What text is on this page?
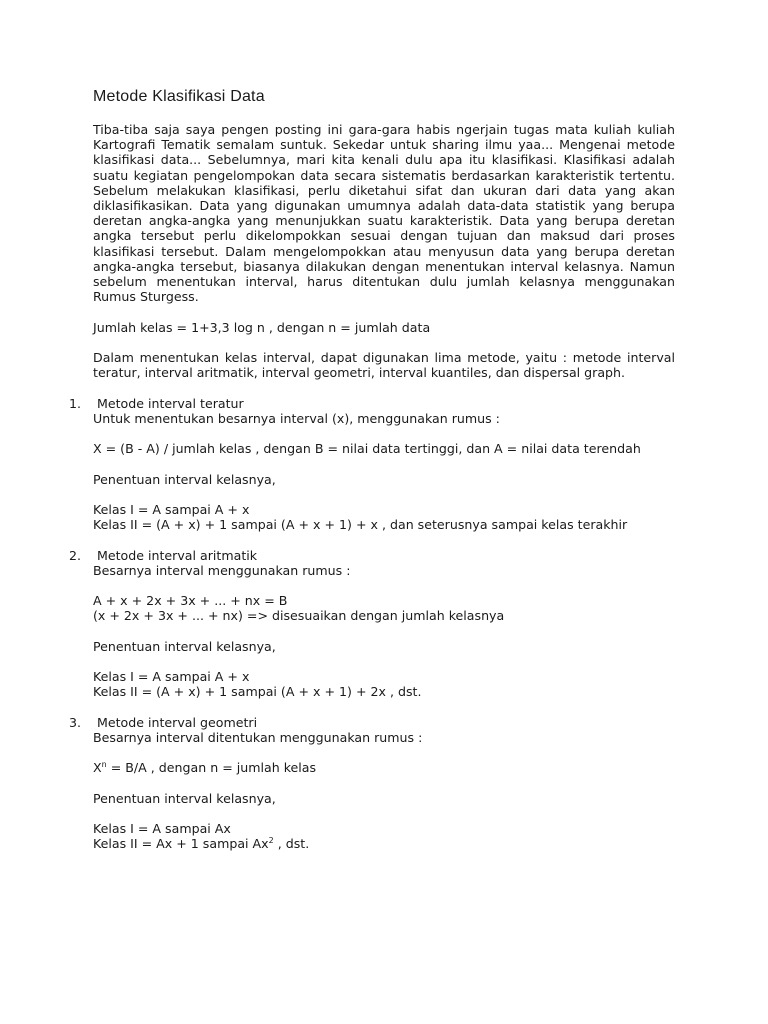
Metode Klasifikasi Data

Tiba-tiba saja saya pengen posting ini gara-gara habis ngerjain tugas mata kuliah kuliah Kartografi Tematik semalam suntuk. Sekedar untuk sharing ilmu yaa... Mengenai metode klasifikasi data... Sebelumnya, mari kita kenali dulu apa itu klasifikasi. Klasifikasi adalah suatu kegiatan pengelompokan data secara sistematis berdasarkan karakteristik tertentu. Sebelum melakukan klasifikasi, perlu diketahui sifat dan ukuran dari data yang akan diklasifikasikan. Data yang digunakan umumnya adalah data-data statistik yang berupa deretan angka-angka yang menunjukkan suatu karakteristik. Data yang berupa deretan angka tersebut perlu dikelompokkan sesuai dengan tujuan dan maksud dari proses klasifikasi tersebut. Dalam mengelompokkan atau menyusun data yang berupa deretan angka-angka tersebut, biasanya dilakukan dengan menentukan interval kelasnya. Namun sebelum menentukan interval, harus ditentukan dulu jumlah kelasnya menggunakan Rumus Sturgess.

Jumlah kelas = 1+3,3 log n , dengan n = jumlah data

Dalam menentukan kelas interval, dapat digunakan lima metode, yaitu : metode interval teratur, interval aritmatik, interval geometri, interval kuantiles, dan dispersal graph.

1.	Metode interval teratur

Untuk menentukan besarnya interval (x), menggunakan rumus :

X = (B - A) / jumlah kelas , dengan B = nilai data tertinggi, dan A = nilai data terendah

Penentuan interval kelasnya,

Kelas I = A sampai A + x
Kelas II = (A + x) + 1 sampai (A + x + 1) + x , dan seterusnya sampai kelas terakhir
2.	Metode interval aritmatik

Besarnya interval menggunakan rumus :

A + x + 2x + 3x + ... + nx = B
(x + 2x + 3x + ... + nx) => disesuaikan dengan jumlah kelasnya

Penentuan interval kelasnya,

Kelas I = A sampai A + x
Kelas II = (A + x) + 1 sampai (A + x + 1) + 2x , dst.
3.	Metode interval geometri

Besarnya interval ditentukan menggunakan rumus :

$X^n = B/A$ , dengan n = jumlah kelas

Penentuan interval kelasnya,

Kelas I = A sampai Ax
Kelas II = Ax + 1 sampai Ax$^2$ , dst.
